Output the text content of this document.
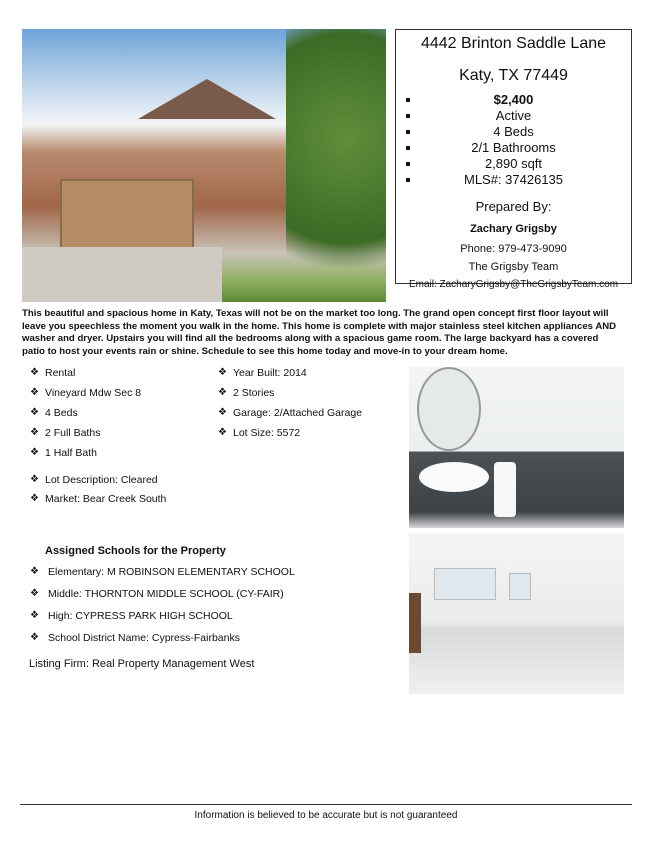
4442 Brinton Saddle Lane
Katy, TX 77449
$2,400
Active
4 Beds
2/1 Bathrooms
2,890 sqft
MLS#: 37426135
Prepared By:
Zachary Grigsby
Phone: 979-473-9090
The Grigsby Team
Email: ZacharyGrigsby@TheGrigsbyTeam.com
This beautiful and spacious home in Katy, Texas will not be on the market too long. The grand open concept first floor layout will leave you speechless the moment you walk in the home. This home is complete with major stainless steel kitchen appliances AND washer and dryer. Upstairs you will find all the bedrooms along with a spacious game room. The large backyard has a covered patio to host your events rain or shine. Schedule to see this home today and move-in to your dream home.
❖ Rental
❖ Vineyard Mdw Sec 8
❖ 4 Beds
❖ 2 Full Baths
❖ 1 Half Bath
❖ Lot Description: Cleared
❖ Market: Bear Creek South
❖ Year Built: 2014
❖ 2 Stories
❖ Garage: 2/Attached Garage
❖ Lot Size: 5572
Assigned Schools for the Property
❖ Elementary: M ROBINSON ELEMENTARY SCHOOL
❖ Middle: THORNTON MIDDLE SCHOOL (CY-FAIR)
❖ High: CYPRESS PARK HIGH SCHOOL
❖ School District Name: Cypress-Fairbanks
Listing Firm: Real Property Management West
Information is believed to be accurate but is not guaranteed
